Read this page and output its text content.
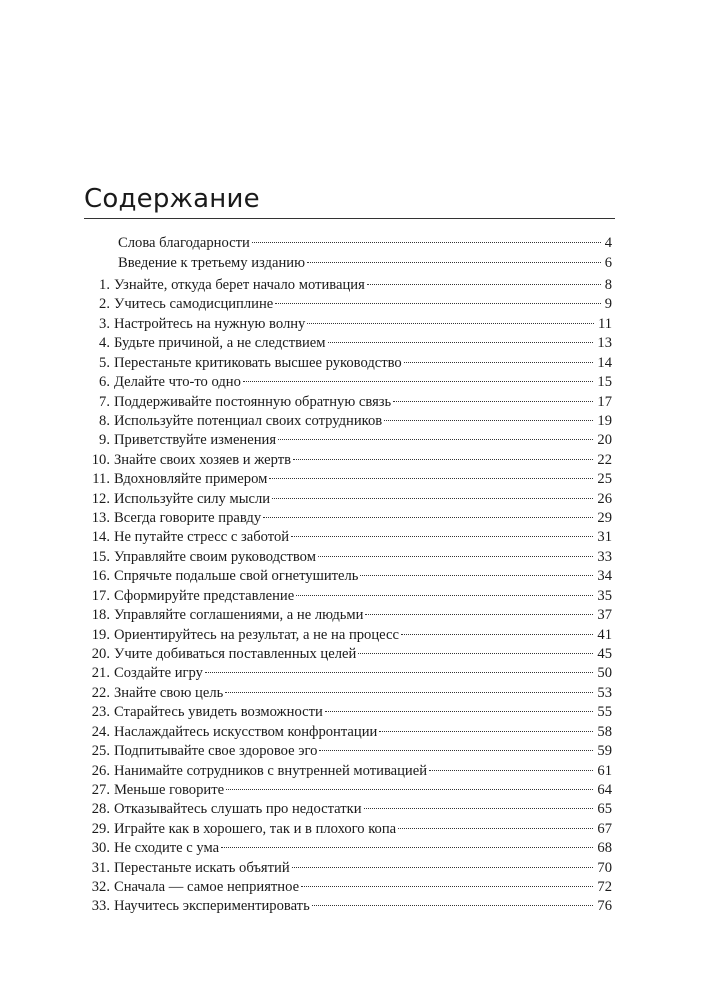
Содержание
Слова благодарности	4
Введение к третьему изданию	6
1. Узнайте, откуда берет начало мотивация	8
2. Учитесь самодисциплине	9
3. Настройтесь на нужную волну	11
4. Будьте причиной, а не следствием	13
5. Перестаньте критиковать высшее руководство	14
6. Делайте что-то одно	15
7. Поддерживайте постоянную обратную связь	17
8. Используйте потенциал своих сотрудников	19
9. Приветствуйте изменения	20
10. Знайте своих хозяев и жертв	22
11. Вдохновляйте примером	25
12. Используйте силу мысли	26
13. Всегда говорите правду	29
14. Не путайте стресс с заботой	31
15. Управляйте своим руководством	33
16. Спрячьте подальше свой огнетушитель	34
17. Сформируйте представление	35
18. Управляйте соглашениями, а не людьми	37
19. Ориентируйтесь на результат, а не на процесс	41
20. Учите добиваться поставленных целей	45
21. Создайте игру	50
22. Знайте свою цель	53
23. Старайтесь увидеть возможности	55
24. Наслаждайтесь искусством конфронтации	58
25. Подпитывайте свое здоровое эго	59
26. Нанимайте сотрудников с внутренней мотивацией	61
27. Меньше говорите	64
28. Отказывайтесь слушать про недостатки	65
29. Играйте как в хорошего, так и в плохого копа	67
30. Не сходите с ума	68
31. Перестаньте искать объятий	70
32. Сначала — самое неприятное	72
33. Научитесь экспериментировать	76
